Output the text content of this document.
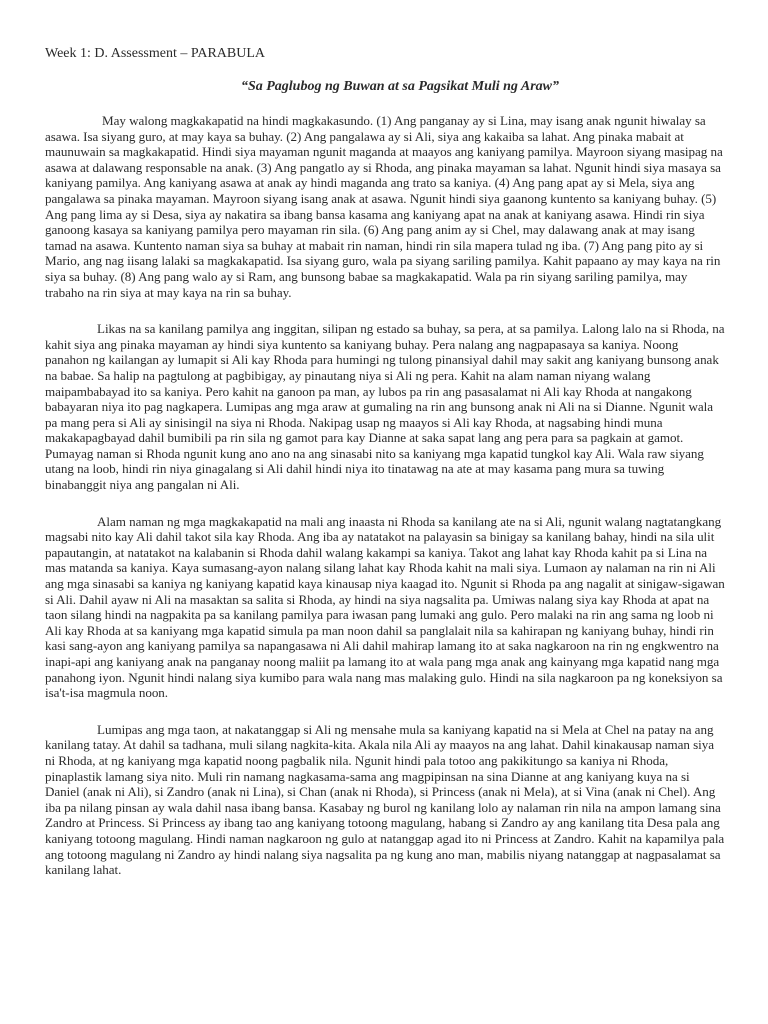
Week 1: D. Assessment – PARABULA
“Sa Paglubog ng Buwan at sa Pagsikat Muli ng Araw”

May walong magkakapatid na hindi magkakasundo. (1) Ang panganay ay si Lina, may isang anak ngunit hiwalay sa asawa. Isa siyang guro, at may kaya sa buhay. (2) Ang pangalawa ay si Ali, siya ang kakaiba sa lahat. Ang pinaka mabait at maunuwain sa magkakapatid. Hindi siya mayaman ngunit maganda at maayos ang kaniyang pamilya. Mayroon siyang masipag na asawa at dalawang responsable na anak. (3) Ang pangatlo ay si Rhoda, ang pinaka mayaman sa lahat. Ngunit hindi siya masaya sa kaniyang pamilya. Ang kaniyang asawa at anak ay hindi maganda ang trato sa kaniya. (4) Ang pang apat ay si Mela, siya ang pangalawa sa pinaka mayaman. Mayroon siyang isang anak at asawa. Ngunit hindi siya gaanong kuntento sa kaniyang buhay. (5) Ang pang lima ay si Desa, siya ay nakatira sa ibang bansa kasama ang kaniyang apat na anak at kaniyang asawa. Hindi rin siya ganoong kasaya sa kaniyang pamilya pero mayaman rin sila. (6) Ang pang anim ay si Chel, may dalawang anak at may isang tamad na asawa. Kuntento naman siya sa buhay at mabait rin naman, hindi rin sila mapera tulad ng iba. (7) Ang pang pito ay si Mario, ang nag iisang lalaki sa magkakapatid. Isa siyang guro, wala pa siyang sariling pamilya. Kahit papaano ay may kaya na rin siya sa buhay. (8) Ang pang walo ay si Ram, ang bunsong babae sa magkakapatid. Wala pa rin siyang sariling pamilya, may trabaho na rin siya at may kaya na rin sa buhay.

Likas na sa kanilang pamilya ang inggitan, silipan ng estado sa buhay, sa pera, at sa pamilya. Lalong lalo na si Rhoda, na kahit siya ang pinaka mayaman ay hindi siya kuntento sa kaniyang buhay. Pera nalang ang nagpapasaya sa kaniya. Noong panahon ng kailangan ay lumapit si Ali kay Rhoda para humingi ng tulong pinansiyal dahil may sakit ang kaniyang bunsong anak na babae. Sa halip na pagtulong at pagbibigay, ay pinautang niya si Ali ng pera. Kahit na alam naman niyang walang maipambabayad ito sa kaniya. Pero kahit na ganoon pa man, ay lubos pa rin ang pasasalamat ni Ali kay Rhoda at nangakong babayaran niya ito pag nagkapera. Lumipas ang mga araw at gumaling na rin ang bunsong anak ni Ali na si Dianne. Ngunit wala pa mang pera si Ali ay sinisingil na siya ni Rhoda. Nakipag usap ng maayos si Ali kay Rhoda, at nagsabing hindi muna makakapagbayad dahil bumibili pa rin sila ng gamot para kay Dianne at saka sapat lang ang pera para sa pagkain at gamot. Pumayag naman si Rhoda ngunit kung ano ano na ang sinasabi nito sa kaniyang mga kapatid tungkol kay Ali. Wala raw siyang utang na loob, hindi rin niya ginagalang si Ali dahil hindi niya ito tinatawag na ate at may kasama pang mura sa tuwing binabanggit niya ang pangalan ni Ali.

Alam naman ng mga magkakapatid na mali ang inaasta ni Rhoda sa kanilang ate na si Ali, ngunit walang nagtatangkang magsabi nito kay Ali dahil takot sila kay Rhoda. Ang iba ay natatakot na palayasin sa binigay sa kanilang bahay, hindi na sila ulit papautangin, at natatakot na kalabanin si Rhoda dahil walang kakampi sa kaniya. Takot ang lahat kay Rhoda kahit pa si Lina na mas matanda sa kaniya. Kaya sumasang-ayon nalang silang lahat kay Rhoda kahit na mali siya. Lumaon ay nalaman na rin ni Ali ang mga sinasabi sa kaniya ng kaniyang kapatid kaya kinausap niya kaagad ito. Ngunit si Rhoda pa ang nagalit at sinigaw-sigawan si Ali. Dahil ayaw ni Ali na masaktan sa salita si Rhoda, ay hindi na siya nagsalita pa. Umiwas nalang siya kay Rhoda at apat na taon silang hindi na nagpakita pa sa kanilang pamilya para iwasan pang lumaki ang gulo. Pero malaki na rin ang sama ng loob ni Ali kay Rhoda at sa kaniyang mga kapatid simula pa man noon dahil sa panglalait nila sa kahirapan ng kaniyang buhay, hindi rin kasi sang-ayon ang kaniyang pamilya sa napangasawa ni Ali dahil mahirap lamang ito at saka nagkaroon na rin ng engkwentro na inapi-api ang kaniyang anak na panganay noong maliit pa lamang ito at wala pang mga anak ang kainyang mga kapatid nang mga panahong iyon. Ngunit hindi nalang siya kumibo para wala nang mas malaking gulo. Hindi na sila nagkaroon pa ng koneksiyon sa isa't-isa magmula noon.

Lumipas ang mga taon, at nakatanggap si Ali ng mensahe mula sa kaniyang kapatid na si Mela at Chel na patay na ang kanilang tatay. At dahil sa tadhana, muli silang nagkita-kita. Akala nila Ali ay maayos na ang lahat. Dahil kinakausap naman siya ni Rhoda, at ng kaniyang mga kapatid noong pagbalik nila. Ngunit hindi pala totoo ang pakikitungo sa kaniya ni Rhoda, pinaplastik lamang siya nito. Muli rin namang nagkasama-sama ang magpipinsan na sina Dianne at ang kaniyang kuya na si Daniel (anak ni Ali), si Zandro (anak ni Lina), si Chan (anak ni Rhoda), si Princess (anak ni Mela), at si Vina (anak ni Chel). Ang iba pa nilang pinsan ay wala dahil nasa ibang bansa. Kasabay ng burol ng kanilang lolo ay nalaman rin nila na ampon lamang sina Zandro at Princess. Si Princess ay ibang tao ang kaniyang totoong magulang, habang si Zandro ay ang kanilang tita Desa pala ang kaniyang totoong magulang. Hindi naman nagkaroon ng gulo at natanggap agad ito ni Princess at Zandro. Kahit na kapamilya pala ang totoong magulang ni Zandro ay hindi nalang siya nagsalita pa ng kung ano man, mabilis niyang natanggap at nagpasalamat sa kanilang lahat.
